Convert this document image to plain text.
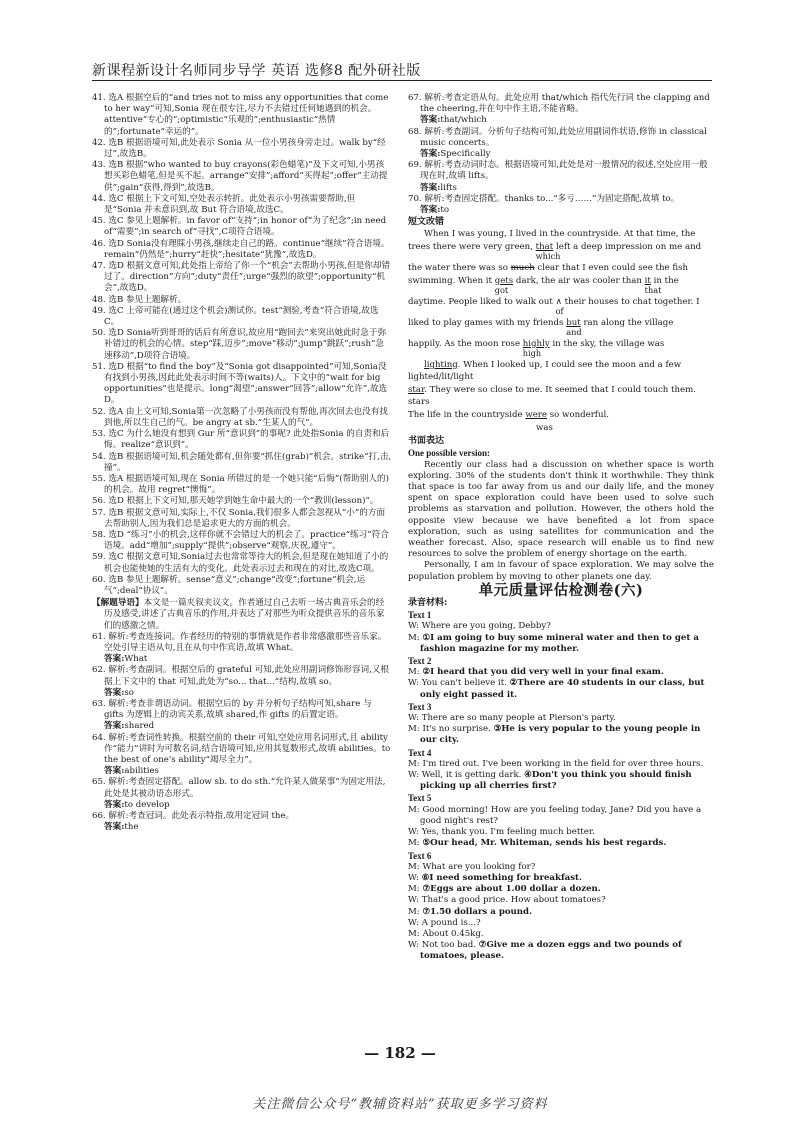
新课程新设计名师同步导学 英语 选修8 配外研社版

41. 选A 根据空后的“and tries not to miss any opportunities that come to her way”可知,Sonia 现在很专注,尽力不去错过任何她遇到的机会。attentive“专心的”;optimistic“乐观的”;enthusiastic“热情的”;fortunate“幸运的”。

42. 选B 根据语境可知,此处表示 Sonia 从一位小男孩身旁走过。walk by“经过”,故选B。

43. 选B 根据“who wanted to buy crayons(彩色蜡笔)”及下文可知,小男孩想买彩色蜡笔,但是买不起。arrange“安排”;afford“买得起”;offer“主动提供”;gain“获得,得到”,故选B。

44. 选C 根据上下文可知,空处表示转折。此处表示小男孩需要帮助,但是“Sonia 并未意识到,故 But 符合语境,故选C。

45. 选C 参见上题解析。in favor of“支持”;in honor of“为了纪念”;in need of“需要”;in search of“寻找”,C项符合语境。

46. 选D Sonia没有理睬小男孩,继续走自己的路。continue“继续”符合语境。remain“仍然是”;hurry“赶快”;hesitate“犹豫”,故选D。

47. 选D 根据文意可知,此处指上帝给了你一个“机会”去帮助小男孩,但是你却错过了。direction“方向”;duty“责任”;urge“强烈的欲望”;opportunity“机会”,故选D。

48. 选B 参见上题解析。

49. 选C 上帝可能在(通过这个机会)测试你。test“测验,考查”符合语境,故选C。

50. 选D Sonia听到哥哥的话后有所意识,故应用“跑回去”来突出她此时急于弥补错过的机会的心情。step“踩,迈步”;move“移动”;jump“跳跃”;rush“急速移动”,D项符合语境。

51. 选D 根据“to find the boy”及“Sonia got disappointed”可知,Sonia没有找到小男孩,因此此处表示时间不等(waits)人。下文中的“wait for big opportunities”也是提示。long“渴望”;answer“回答”;allow“允许”,故选D。

52. 选A 由上文可知,Sonia第一次忽略了小男孩而没有帮他,再次回去也没有找到他,所以生自己的气。be angry at sb.“生某人的气”。

53. 选C 为什么她没有想到 Gur 所“意识到”的事呢? 此处指Sonia 的自责和后悔。realize“意识到”。

54. 选B 根据语境可知,机会随处都有,但你要“抓住(grab)”机会。strike“打,击,撞”。

55. 选A 根据语境可知,现在 Sonia 所错过的是一个她只能“后悔”(帮助别人的)的机会。故用 regret“懊悔”。

56. 选D 根据上下文可知,那天她学到她生命中最大的一个“教训(lesson)”。

57. 选B 根据文意可知,实际上,不仅 Sonia,我们很多人都会忽视从“小”的方面去帮助别人,因为我们总是追求更大的方面的机会。

58. 选D “练习”小的机会,这样你就不会错过大的机会了。practice“练习”符合语境。add“增加”;supply“提供”;observe“观察,庆祝,遵守”。

59. 选C 根据文意可知,Sonia过去也常常等待大的机会,但是现在她知道了小的机会也能使她的生活有大的变化。此处表示过去和现在的对比,故选C项。

60. 选B 参见上题解析。sense“意义”;change“改变”;fortune“机会,运气”;deal“协议”。

【解题导语】本文是一篇夹叙夹议文。作者通过自己去听一场古典音乐会的经历及感受,讲述了古典音乐的作用,并表达了对那些为听众提供音乐的音乐家们的感激之情。

61. 解析:考查连接词。作者经历的特别的事情就是作者非常感激那些音乐家。空处引导主语从句,且在从句中作宾语,故填 What。

答案:What

62. 解析:考查副词。根据空后的 grateful 可知,此处应用副词修饰形容词,又根据上下文中的 that 可知,此处为“so... that...”结构,故填 so。

答案:so

63. 解析:考查非谓语动词。根据空后的 by 并分析句子结构可知,share 与 gifts 为逻辑上的动宾关系,故填 shared,作 gifts 的后置定语。

答案:shared

64. 解析:考查词性转换。根据空前的 their 可知,空处应用名词形式,且 ability 作“能力”讲时为可数名词,结合语境可知,应用其复数形式,故填 abilities。to the best of one's ability“竭尽全力”。

答案:abilities

65. 解析:考查固定搭配。allow sb. to do sth.“允许某人做某事”为固定用法,此处是其被动语态形式。

答案:to develop

66. 解析:考查冠词。此处表示特指,故用定冠词 the。

答案:the

67. 解析:考查定语从句。此处应用 that/which 指代先行词 the clapping and the cheering,并在句中作主语,不能省略。

答案:that/which

68. 解析:考查副词。分析句子结构可知,此处应用副词作状语,修饰 in classical music concerts。

答案:Specifically

69. 解析:考查动词时态。根据语境可知,此处是对一般情况的叙述,空处应用一般现在时,故填 lifts。

答案:lifts

70. 解析:考查固定搭配。thanks to...“多亏……”为固定搭配,故填 to。

答案:to

短文改错

When I was young, I lived in the countryside. At that time, the

trees there were very green, that
which
left a deep impression on me and

the water there was so much clear that I even could see the fish

swimming. When it gets
got
dark, the air was cooler than it
that
in the

daytime. People liked to walk out ∧
of
their houses to chat together. I

liked to play games with my friends but
and
ran along the village

happily. As the moon rose highly
high
in the sky, the village was

lighting. When I looked up, I could see the moon and a few

lighted/lit/light

star. They were so close to me. It seemed that I could touch them.

stars

The life in the countryside were so wonderful.

was

书面表达

One possible version:

Recently our class had a discussion on whether space is worth exploring. 30% of the students don't think it worthwhile. They think that space is too far away from us and our daily life, and the money spent on space exploration could have been used to solve such problems as starvation and pollution. However, the others hold the opposite view because we have benefited a lot from space exploration, such as using satellites for communication and the weather forecast. Also, space research will enable us to find new resources to solve the problem of energy shortage on the earth.

Personally, I am in favour of space exploration. We may solve the population problem by moving to other planets one day.

单元质量评估检测卷(六)

录音材料:

Text 1

W: Where are you going, Debby?

M: ①I am going to buy some mineral water and then to get a fashion magazine for my mother.

Text 2

M: ②I heard that you did very well in your final exam.

W: You can't believe it. ②There are 40 students in our class, but only eight passed it.

Text 3

W: There are so many people at Pierson's party.

M: It's no surprise. ③He is very popular to the young people in our city.

Text 4

M: I'm tired out. I've been working in the field for over three hours.

W: Well, it is getting dark. ④Don't you think you should finish picking up all cherries first?

Text 5

M: Good morning! How are you feeling today, Jane? Did you have a good night's rest?

W: Yes, thank you. I'm feeling much better.

M: ⑤Our head, Mr. Whiteman, sends his best regards.

Text 6

M: What are you looking for?

W: ⑥I need something for breakfast.

M: ⑦Eggs are about 1.00 dollar a dozen.

W: That's a good price. How about tomatoes?

M: ⑦1.50 dollars a pound.

W: A pound is...?

M: About 0.45kg.

W: Not too bad. ⑦Give me a dozen eggs and two pounds of tomatoes, please.

— 182 —
关注微信公众号“教辅资料站”获取更多学习资料
